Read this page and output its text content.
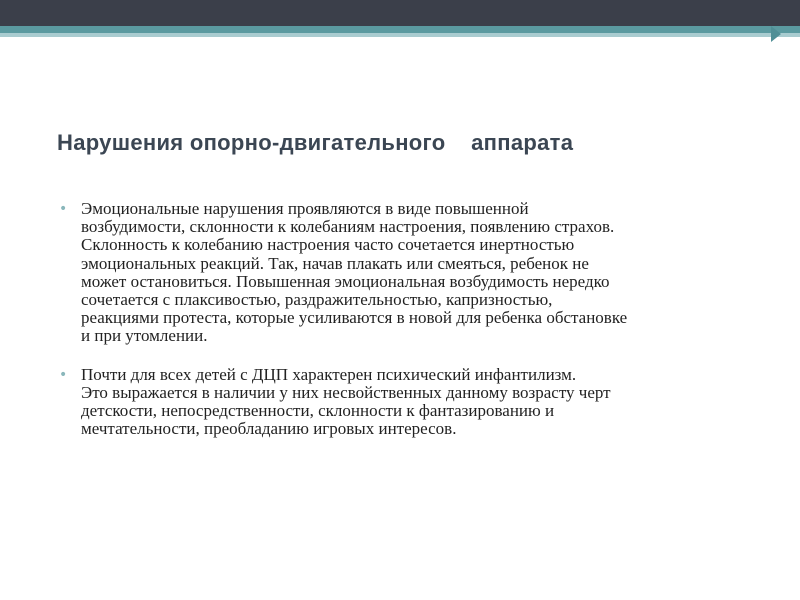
Нарушения опорно-двигательного    аппарата

• Эмоциональные нарушения проявляются в виде повышенной
возбудимости, склонности к колебаниям настроения, появлению страхов.
Склонность к колебанию настроения часто сочетается инертностью
эмоциональных реакций. Так, начав плакать или смеяться, ребенок не
может остановиться. Повышенная эмоциональная возбудимость нередко
сочетается с плаксивостью, раздражительностью, капризностью,
реакциями протеста, которые усиливаются в новой для ребенка обстановке
и при утомлении.

• Почти для всех детей с ДЦП характерен психический инфантилизм.
Это выражается в наличии у них несвойственных данному возрасту черт
детскости, непосредственности, склонности к фантазированию и
мечтательности, преобладанию игровых интересов.
